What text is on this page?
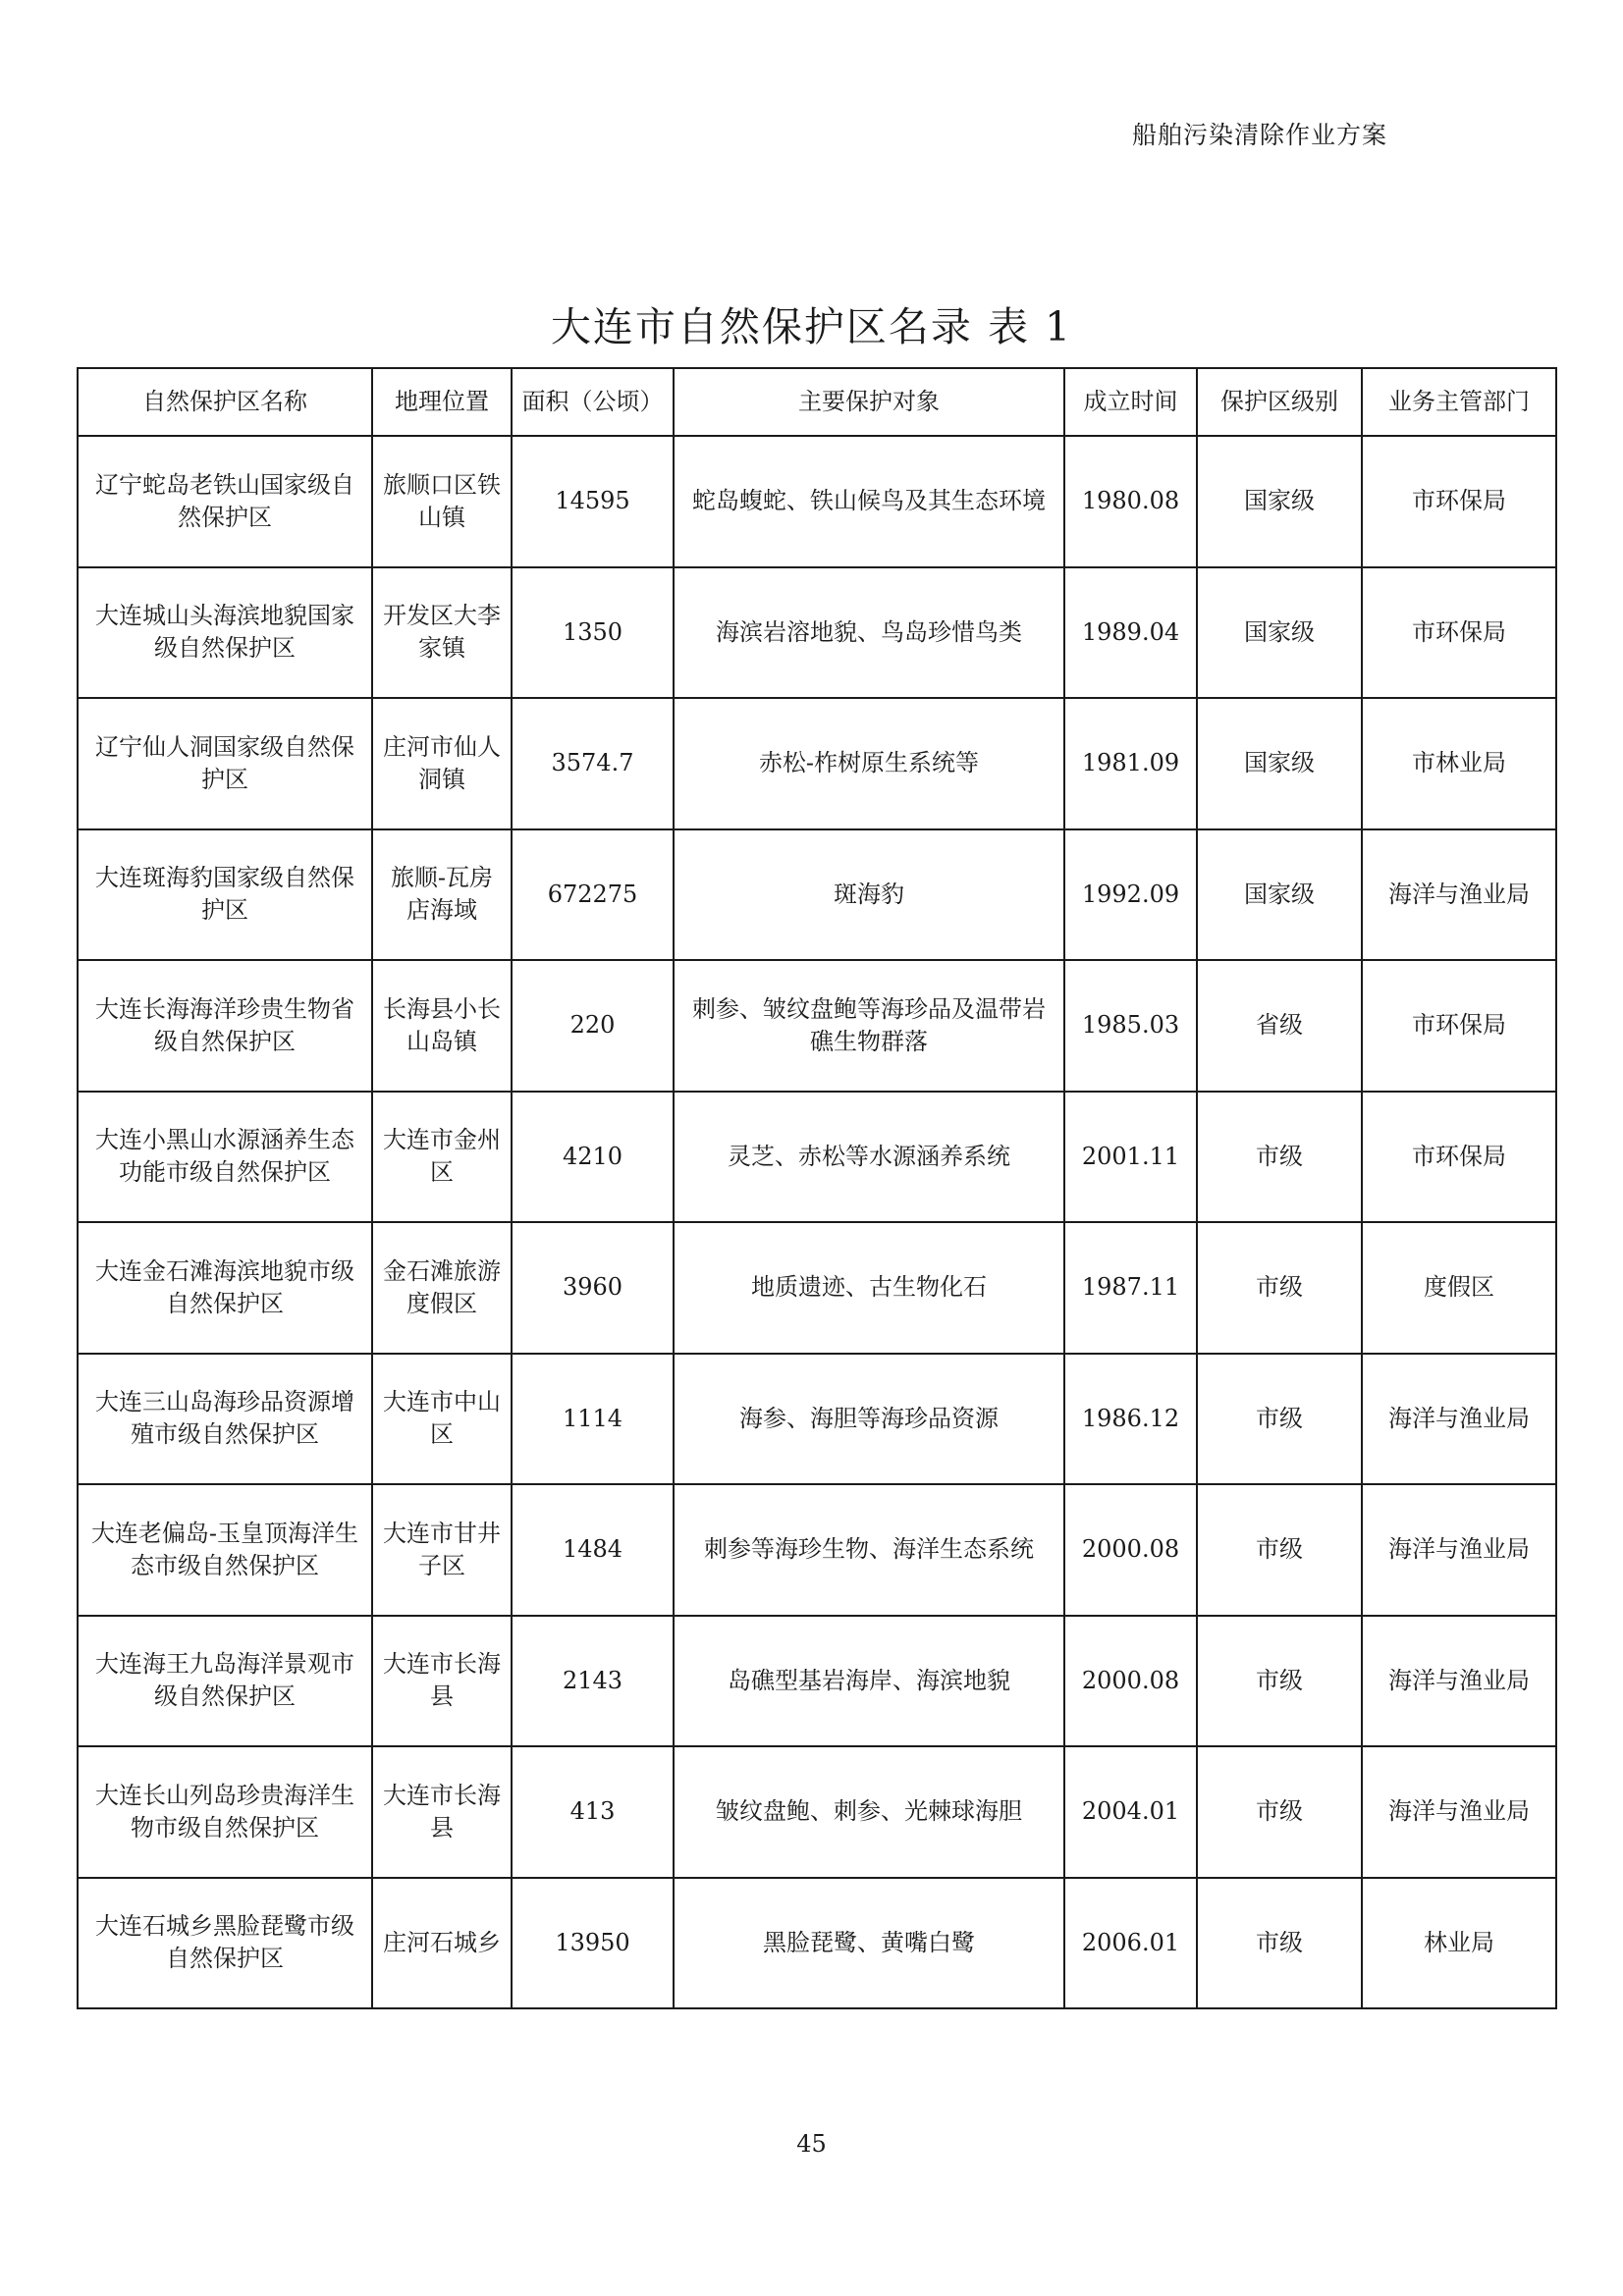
船舶污染清除作业方案
大连市自然保护区名录 表 1
自然保护区名称	地理位置	面积（公顷）	主要保护对象	成立时间	保护区级别	业务主管部门
辽宁蛇岛老铁山国家级自然保护区	旅顺口区铁山镇	14595	蛇岛蝮蛇、铁山候鸟及其生态环境	1980.08	国家级	市环保局
大连城山头海滨地貌国家级自然保护区	开发区大李家镇	1350	海滨岩溶地貌、鸟岛珍惜鸟类	1989.04	国家级	市环保局
辽宁仙人洞国家级自然保护区	庄河市仙人洞镇	3574.7	赤松-柞树原生系统等	1981.09	国家级	市林业局
大连斑海豹国家级自然保护区	旅顺-瓦房店海域	672275	斑海豹	1992.09	国家级	海洋与渔业局
大连长海海洋珍贵生物省级自然保护区	长海县小长山岛镇	220	刺参、皱纹盘鲍等海珍品及温带岩礁生物群落	1985.03	省级	市环保局
大连小黑山水源涵养生态功能市级自然保护区	大连市金州区	4210	灵芝、赤松等水源涵养系统	2001.11	市级	市环保局
大连金石滩海滨地貌市级自然保护区	金石滩旅游度假区	3960	地质遗迹、古生物化石	1987.11	市级	度假区
大连三山岛海珍品资源增殖市级自然保护区	大连市中山区	1114	海参、海胆等海珍品资源	1986.12	市级	海洋与渔业局
大连老偏岛-玉皇顶海洋生态市级自然保护区	大连市甘井子区	1484	刺参等海珍生物、海洋生态系统	2000.08	市级	海洋与渔业局
大连海王九岛海洋景观市级自然保护区	大连市长海县	2143	岛礁型基岩海岸、海滨地貌	2000.08	市级	海洋与渔业局
大连长山列岛珍贵海洋生物市级自然保护区	大连市长海县	413	皱纹盘鲍、刺参、光棘球海胆	2004.01	市级	海洋与渔业局
大连石城乡黑脸琵鹭市级自然保护区	庄河石城乡	13950	黑脸琵鹭、黄嘴白鹭	2006.01	市级	林业局
45
